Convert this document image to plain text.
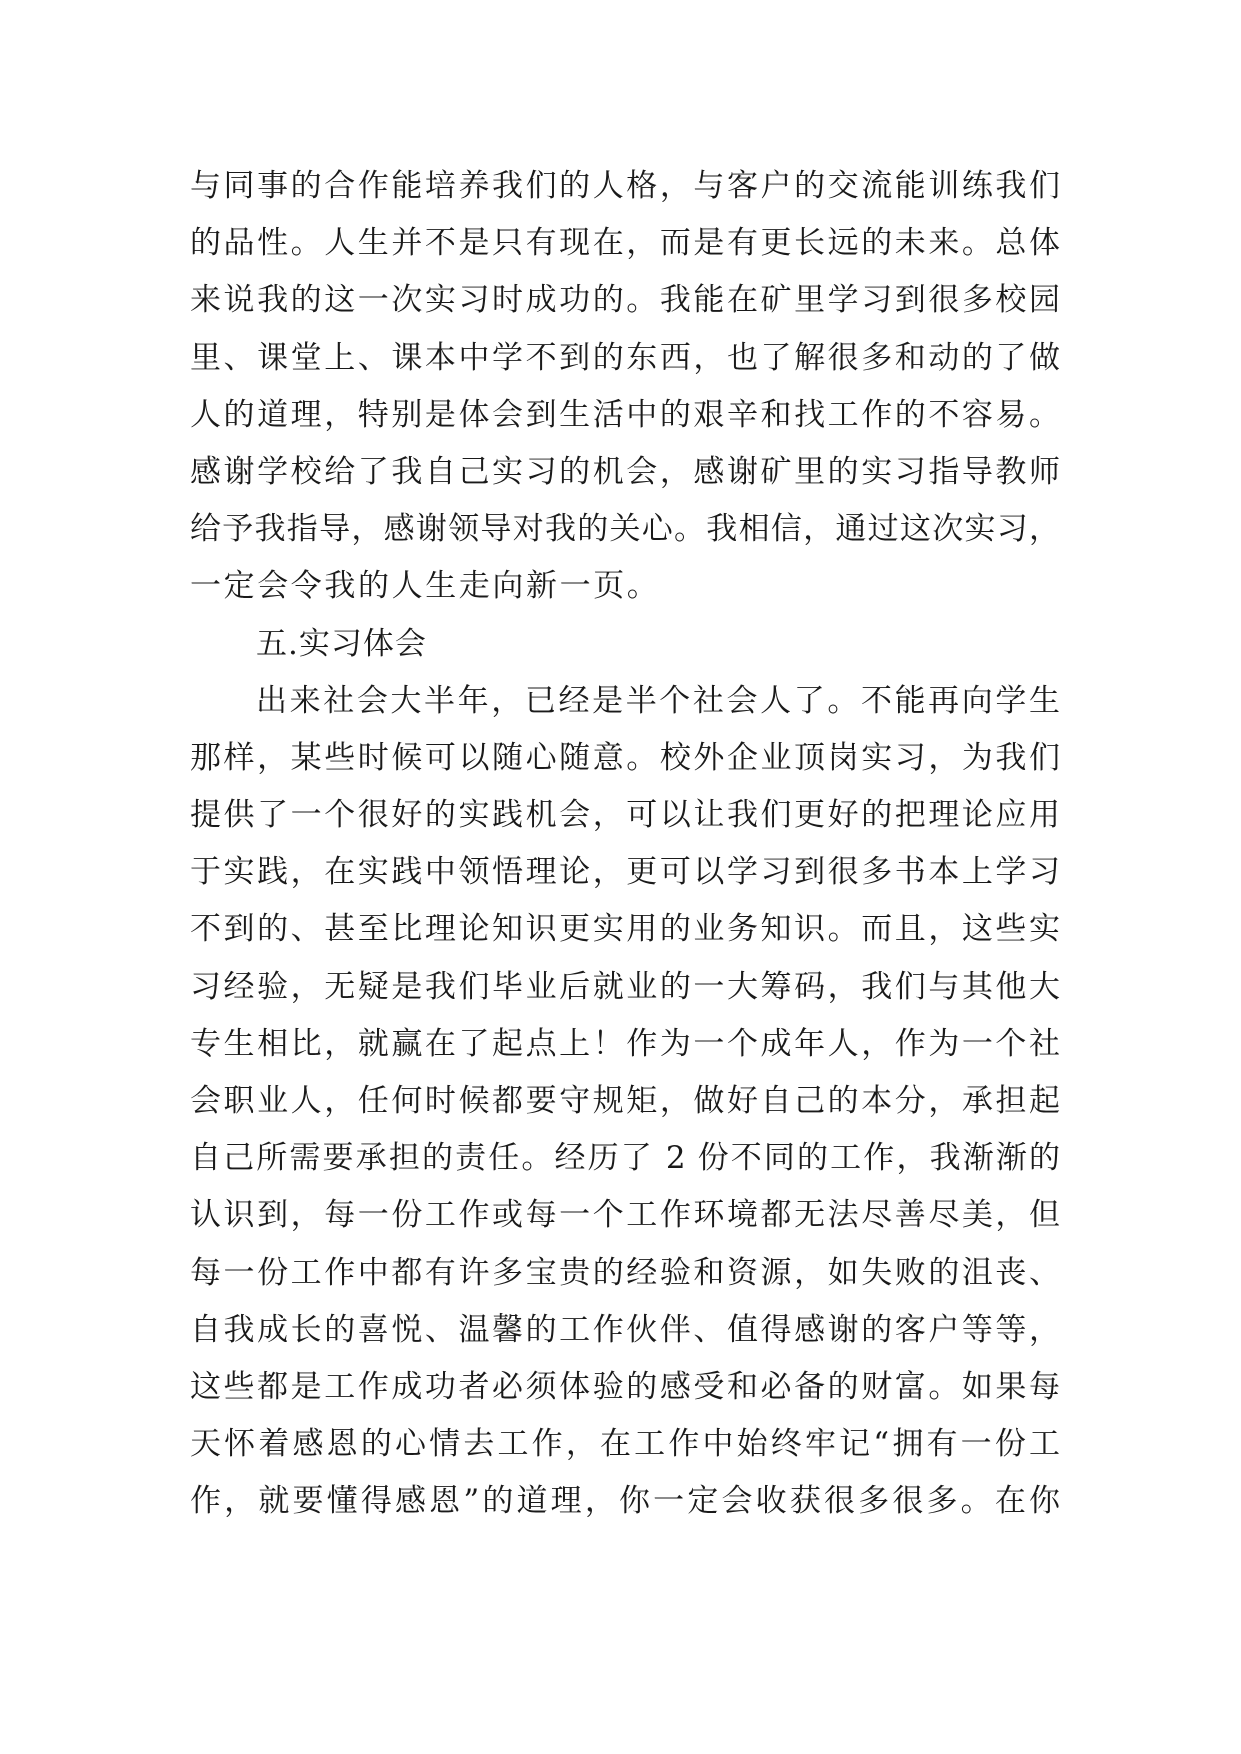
与同事的合作能培养我们的人格，与客户的交流能训练我们
的品性。人生并不是只有现在，而是有更长远的未来。总体
来说我的这一次实习时成功的。我能在矿里学习到很多校园
里、课堂上、课本中学不到的东西，也了解很多和动的了做
人的道理，特别是体会到生活中的艰辛和找工作的不容易。
感谢学校给了我自己实习的机会，感谢矿里的实习指导教师
给予我指导，感谢领导对我的关心。我相信，通过这次实习，
一定会令我的人生走向新一页。
五.实习体会
出来社会大半年，已经是半个社会人了。不能再向学生
那样，某些时候可以随心随意。校外企业顶岗实习，为我们
提供了一个很好的实践机会，可以让我们更好的把理论应用
于实践，在实践中领悟理论，更可以学习到很多书本上学习
不到的、甚至比理论知识更实用的业务知识。而且，这些实
习经验，无疑是我们毕业后就业的一大筹码，我们与其他大
专生相比，就赢在了起点上！作为一个成年人，作为一个社
会职业人，任何时候都要守规矩，做好自己的本分，承担起
自己所需要承担的责任。经历了 2 份不同的工作，我渐渐的
认识到，每一份工作或每一个工作环境都无法尽善尽美，但
每一份工作中都有许多宝贵的经验和资源，如失败的沮丧、
自我成长的喜悦、温馨的工作伙伴、值得感谢的客户等等，
这些都是工作成功者必须体验的感受和必备的财富。如果每
天怀着感恩的心情去工作，在工作中始终牢记“拥有一份工
作，就要懂得感恩”的道理，你一定会收获很多很多。在你
